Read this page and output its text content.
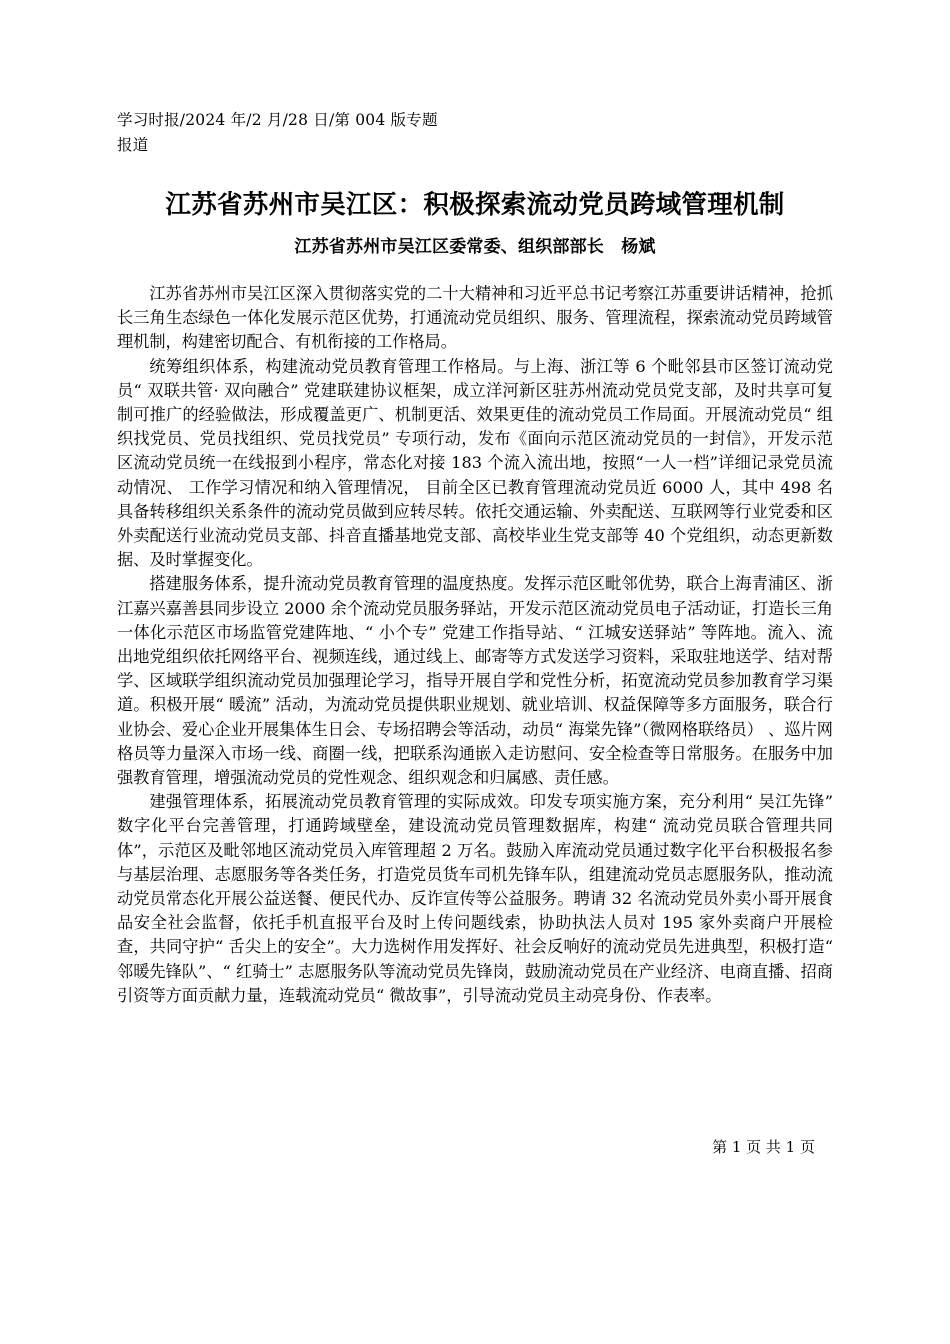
学习时报/2024 年/2 月/28 日/第 004 版专题报道
江苏省苏州市吴江区：积极探索流动党员跨域管理机制
江苏省苏州市吴江区委常委、组织部部长　杨斌

江苏省苏州市吴江区深入贯彻落实党的二十大精神和习近平总书记考察江苏重要讲话精神，抢抓长三角生态绿色一体化发展示范区优势，打通流动党员组织、服务、管理流程，探索流动党员跨域管理机制，构建密切配合、有机衔接的工作格局。

统筹组织体系，构建流动党员教育管理工作格局。与上海、浙江等 6 个毗邻县市区签订流动党员“ 双联共管· 双向融合” 党建联建协议框架，成立洋河新区驻苏州流动党员党支部，及时共享可复制可推广的经验做法，形成覆盖更广、机制更活、效果更佳的流动党员工作局面。开展流动党员“ 组织找党员、党员找组织、党员找党员” 专项行动，发布《面向示范区流动党员的一封信》，开发示范区流动党员统一在线报到小程序，常态化对接 183 个流入流出地，按照“一人一档”详细记录党员流动情况、 工作学习情况和纳入管理情况， 目前全区已教育管理流动党员近 6000 人，其中 498 名具备转移组织关系条件的流动党员做到应转尽转。依托交通运输、外卖配送、互联网等行业党委和区外卖配送行业流动党员支部、抖音直播基地党支部、高校毕业生党支部等 40 个党组织，动态更新数据、及时掌握变化。

搭建服务体系，提升流动党员教育管理的温度热度。发挥示范区毗邻优势，联合上海青浦区、浙江嘉兴嘉善县同步设立 2000 余个流动党员服务驿站，开发示范区流动党员电子活动证，打造长三角一体化示范区市场监管党建阵地、“ 小个专” 党建工作指导站、“ 江城安送驿站” 等阵地。流入、流出地党组织依托网络平台、视频连线，通过线上、邮寄等方式发送学习资料，采取驻地送学、结对帮学、区域联学组织流动党员加强理论学习，指导开展自学和党性分析，拓宽流动党员参加教育学习渠道。积极开展“ 暖流” 活动，为流动党员提供职业规划、就业培训、权益保障等多方面服务，联合行业协会、爱心企业开展集体生日会、专场招聘会等活动，动员“ 海棠先锋”（微网格联络员） 、巡片网格员等力量深入市场一线、商圈一线，把联系沟通嵌入走访慰问、安全检查等日常服务。在服务中加强教育管理，增强流动党员的党性观念、组织观念和归属感、责任感。

建强管理体系，拓展流动党员教育管理的实际成效。印发专项实施方案，充分利用“ 吴江先锋” 数字化平台完善管理，打通跨域壁垒，建设流动党员管理数据库，构建“ 流动党员联合管理共同体”，示范区及毗邻地区流动党员入库管理超 2 万名。鼓励入库流动党员通过数字化平台积极报名参与基层治理、志愿服务等各类任务，打造党员货车司机先锋车队，组建流动党员志愿服务队，推动流动党员常态化开展公益送餐、便民代办、反诈宣传等公益服务。聘请 32 名流动党员外卖小哥开展食品安全社会监督，依托手机直报平台及时上传问题线索，协助执法人员对 195 家外卖商户开展检查，共同守护“ 舌尖上的安全”。大力选树作用发挥好、社会反响好的流动党员先进典型，积极打造“ 邻暖先锋队”、“ 红骑士” 志愿服务队等流动党员先锋岗，鼓励流动党员在产业经济、电商直播、招商引资等方面贡献力量，连载流动党员“ 微故事”，引导流动党员主动亮身份、作表率。

第 1 页 共 1 页
